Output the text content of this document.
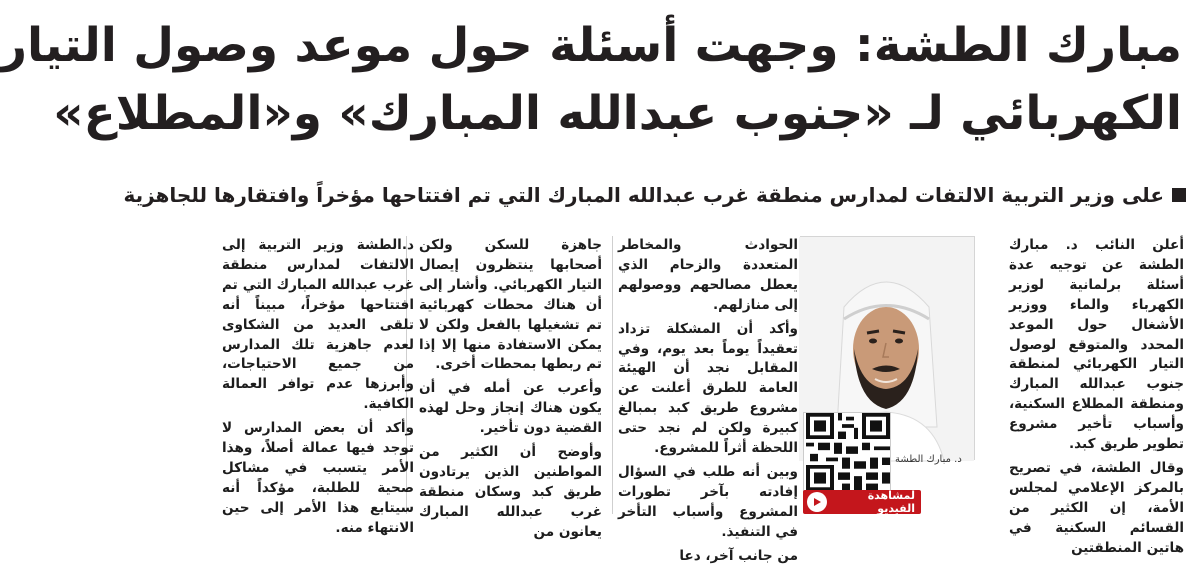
مبارك الطشة: وجهت أسئلة حول موعد وصول التيار
الكهربائي لـ «جنوب عبدالله المبارك» و«المطلاع»
على وزير التربية الالتفات لمدارس منطقة غرب عبدالله المبارك التي تم افتتاحها مؤخراً وافتقارها للجاهزية

أعلن النائب د. مبارك الطشة عن توجيه عدة أسئلة برلمانية لوزير الكهرباء والماء ووزير الأشغال حول الموعد المحدد والمتوقع لوصول التيار الكهربائي لمنطقة جنوب عبدالله المبارك ومنطقة المطلاع السكنية، وأسباب تأخير مشروع تطوير طريق كبد.

وقال الطشة، في تصريح بالمركز الإعلامي لمجلس الأمة، إن الكثير من القسائم السكنية في هاتين المنطقتين

د. مبارك الطشة
لمشاهدة الفيديو

جاهزة للسكن ولكن أصحابها ينتظرون إيصال التيار الكهربائي. وأشار إلى أن هناك محطات كهربائية تم تشغيلها بالفعل ولكن لا يمكن الاستفادة منها إلا إذا تم ربطها بمحطات أخرى.

وأعرب عن أمله في أن يكون هناك إنجاز وحل لهذه القضية دون تأخير.

وأوضح أن الكثير من المواطنين الذين يرتادون طريق كبد وسكان منطقة غرب عبدالله المبارك يعانون من

الحوادث والمخاطر المتعددة والزحام الذي يعطل مصالحهم ووصولهم إلى منازلهم.

وأكد أن المشكلة تزداد تعقيداً يوماً بعد يوم، وفي المقابل نجد أن الهيئة العامة للطرق أعلنت عن مشروع طريق كبد بمبالغ كبيرة ولكن لم نجد حتى اللحظة أثراً للمشروع.

وبين أنه طلب في السؤال إفادته بآخر تطورات المشروع وأسباب التأخر في التنفيذ.

من جانب آخر، دعا

د.الطشة وزير التربية إلى الالتفات لمدارس منطقة غرب عبدالله المبارك التي تم افتتاحها مؤخراً، مبيناً أنه تلقى العديد من الشكاوى لعدم جاهزية تلك المدارس من جميع الاحتياجات، وأبرزها عدم توافر العمالة الكافية.

وأكد أن بعض المدارس لا توجد فيها عمالة أصلاً، وهذا الأمر يتسبب في مشاكل صحية للطلبة، مؤكداً أنه سيتابع هذا الأمر إلى حين الانتهاء منه.
